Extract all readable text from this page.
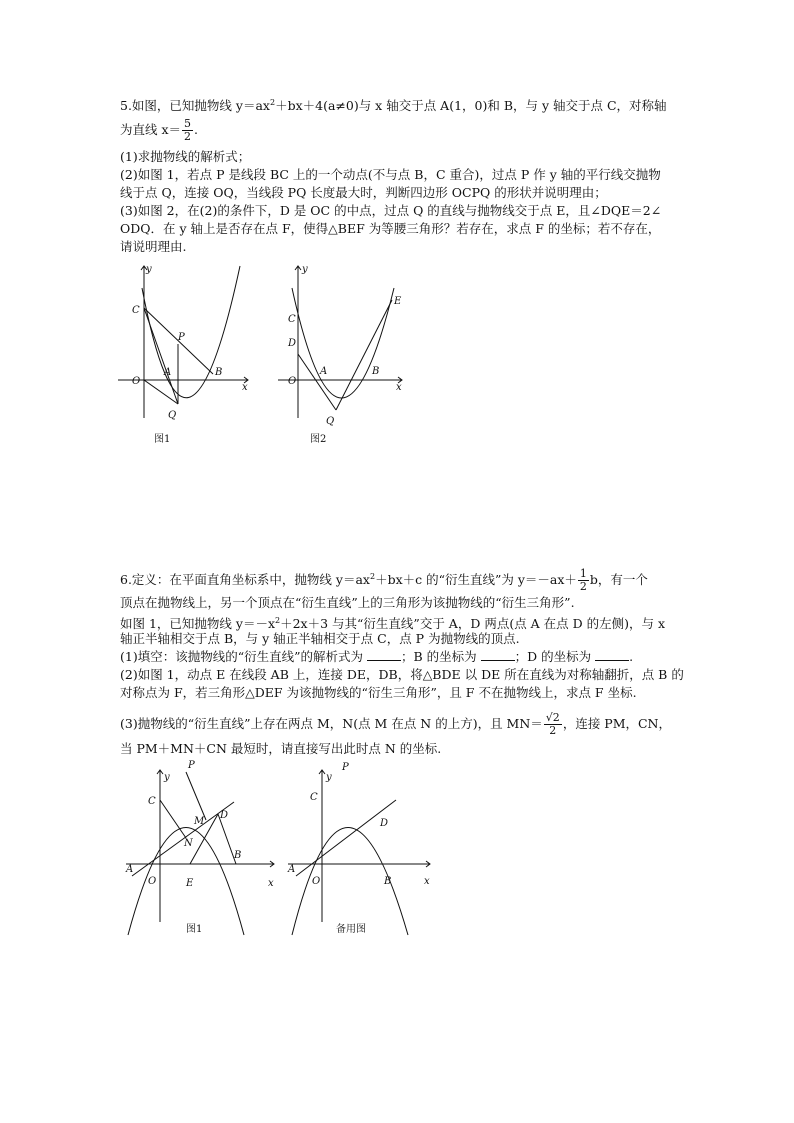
5.如图，已知抛物线 $y=ax^2+bx+4(a\ne 0)$与 x 轴交于点 A(1，0)和 B，与 y 轴交于点 C，对称轴
为直线 $x= \frac{5}{2}$ .
(1)求抛物线的解析式；
(2)如图 1，若点 P 是线段 BC 上的一个动点(不与点 B，C 重合)，过点 P 作 y 轴的平行线交抛物
线于点 Q，连接 OQ，当线段 PQ 长度最大时，判断四边形 OCPQ 的形状并说明理由；
(3)如图 2，在(2)的条件下，D 是 OC 的中点，过点 Q 的直线与抛物线交于点 E，且∠DQE＝2∠
ODQ．在 y 轴上是否存在点 F，使得△BEF 为等腰三角形？若存在，求点 F 的坐标；若不存在，
请说明理由.
y
x
C
P
A	B
O
Q
图1
y
x
C
D
A	B
O
Q
E
图2
6.定义：在平面直角坐标系中，抛物线 $y=ax^2+bx+c$ 的“衍生直线”为 $y=-ax+ \frac{1}{2}$ b，有一个
顶点在抛物线上，另一个顶点在“衍生直线”上的三角形为该抛物线的“衍生三角形”.
如图 1，已知抛物线 $y=-x^2+2x+3$ 与其“衍生直线”交于 A，D 两点(点 A 在点 D 的左侧)，与 x
轴正半轴相交于点 B，与 y 轴正半轴相交于点 C，点 P 为抛物线的顶点.
(1)填空：该抛物线的“衍生直线”的解析式为	；B 的坐标为	；D 的坐标为	.
(2)如图 1，动点 E 在线段 AB 上，连接 DE，DB，将△BDE 以 DE 所在直线为对称轴翻折，点 B 的
对称点为 F，若三角形△DEF 为该抛物线的“衍生三角形”，且 F 不在抛物线上，求点 F 坐标.
(3)抛物线的“衍生直线”上存在两点 M，N(点 M 在点 N 的上方)，且 $MN= \frac{√2}{2}$ ，连接 PM，CN，
当 PM＋MN＋CN 最短时，请直接写出此时点 N 的坐标.
y
x
P
C
M
D
N
A
O	E
B
图1
y
x
P
C
D
A
O	B
备用图
